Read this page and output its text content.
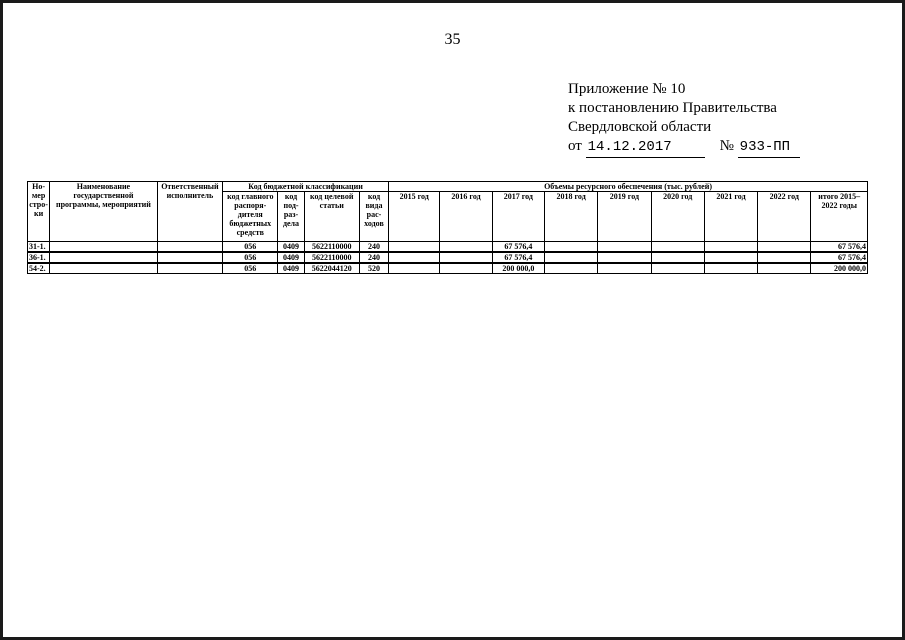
35
Приложение № 10
к постановлению Правительства
Свердловской области
от 14.12.2017	№ 933-ПП
Но-мер стро-ки	Наименование государственной программы, мероприятий	Ответственный исполнитель	Код бюджетной классификации				Объемы ресурсного обеспечения (тыс. рублей)								
			код главного распоря-дителя бюджетных средств	код под-раз-дела	код целевой статьи	код вида рас-ходов	2015 год	2016 год	2017 год	2018 год	2019 год	2020 год	2021 год	2022 год	итого 2015–2022 годы
31-1.			056	0409	5622110000	240			67 576,4						67 576,4
36-1.			056	0409	5622110000	240			67 576,4						67 576,4
54-2.			056	0409	5622044120	520			200 000,0						200 000,0
